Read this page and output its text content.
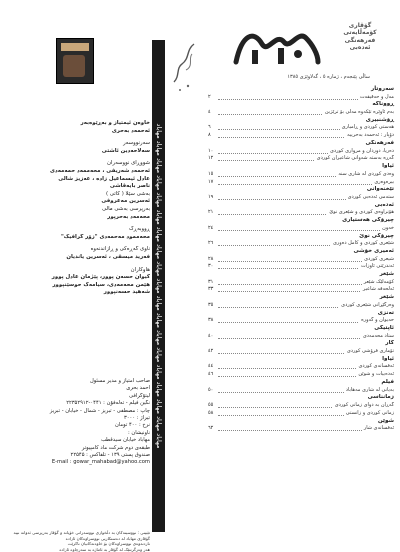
خاوەن ئیمتیاز و بەڕێوەبەر
ئەحمەد بەحری
سەرنووسەر
سەلاحەدین ئاشتی
شووڕای نووسەران
ئەحمەد شەریفی ، محەممەد حمەمەدی
عادل ئیسماعیل زادە ، عەزیز شالی
ناصر بایەقاشی
بەشی سێلا ( کاتی )
ئەسرین مەعروفی
بەرپرسی بەشی مالی
محەمەد بەحرپور
ڕووبەڕگ
محەممود مەحمەدی "زۆر گرافیک"
ناوی گەڕەکی و ڕازاندنەوە
فەرید میسقی ، ئەسرین یاندیان
هاوکاران
کیوان حسەن پوور، پێژمان عادل پوور
هێمن محەمەدی، سیامەک حوسێنپوور
شەهید حسەنپوور
صاحب امتیاز و مدیر مسئول
احمد بحری
لیتۆگرافی
نگین فیلم - تەلەفۆن : ۰۴۴۱-۲۲۳۵۲۹۱۲
چاپ : مصطفی - تبریز - شمال - خیابان - تبریز
تیراژ : ۳۰۰۰
نرخ : ۴۰۰ تومان
ناونیشان :
مهاباد خیابان سیدقطب
طبقەی دوم شرکت ماد کامپیوتر
صندوق پستی ۱۳۹ - تلفاکس : ۲۲۵۴۵
E-mail : gowar_mahabad@yahoo.com
تێبینی : نووسینەکان بە دڵخوازی نووسەرانی خۆیانە و گۆڤار بەرپرسی ئەوانە نییە
گۆڤاری مهاباد لە دەستکاریی نووسراوەکان ئازادە
ناردنەوەی نووسراوەکان بۆ خاوەنەکانیان ناکرێت
هەر وەرگرتنێک لە گۆڤار بە ئاماژە بە سەرچاوە ئازادە
مهاباد مهاباد مهاباد مهاباد مهاباد مهاباد مهاباد مهاباد مهاباد مهاباد مهاباد مهاباد مهاباد مهاباد مهاباد مهاباد مهاباد مهاباد مهاباد
گۆڤاری
کۆمەڵایەتی
فەرهەنگی
ئەدەبی
ساڵی پێنجەم ، ژمارە ٥ ، گەلاوێژی ١٣٨٥
سەروتار
مەل و حەقیقەت
٢
ڕووناکە
بەم ئاوێرە تێکەوە مەلی بۆ ترێژین
٤
ڕۆشنبیری
هەستی کوردی و ڕامیاری
٦
دۆپار : ئەحمەد بەحرییە
٨
فەرهەنگی
دەریا، دوردان و مرواری کوردی
١٠
گەڕە بەستە شەوانی شاعیران کوردی
١٢
ئیاوا
وەدی کوردی لە شاری سنە
١٥
بیرەوەری
١٧
تێخنەوانی
ستەمی ئەدەبی کوردی
١٩
ئەدەبی
هۆنراوەی کوردی و شێعری نوێ
٢١
چیرۆکی هەستیاری
خەون
٢٤
چیرۆکی نوێ
شێعری کوردی و کامڵ دەوری
٢٦
ئەمیری خۆشی
شیعری کوردی
٢٨
ئەندرێتی ئاوزات
٣٠
شێعر
کۆمەڵێک شێعر
٣١
ئەلحەفە شاعیر
٣٣
شێعر
وەرگێڕانی شێعری کوردی
٣٥
تەنزی
حەیوان و گەورە
٣٨
ئاپتیکی
ستاد محەمەدی
٤٠
کار
تۆماری فرۆشی کوردی
٤٢
ئیاوا
ئەفسانەی کوردی
٤٤
ئەدەبیات و شوێن
٤٦
فیلم
بەیانی لە شاری مەهاباد
٥٠
زمانناسی
گەڕان بە دوای زمانی کوردی
٥٥
زمانی کوردی و زانستی
٥٨
شوێن
ئەفسانەی شار
٦٢
